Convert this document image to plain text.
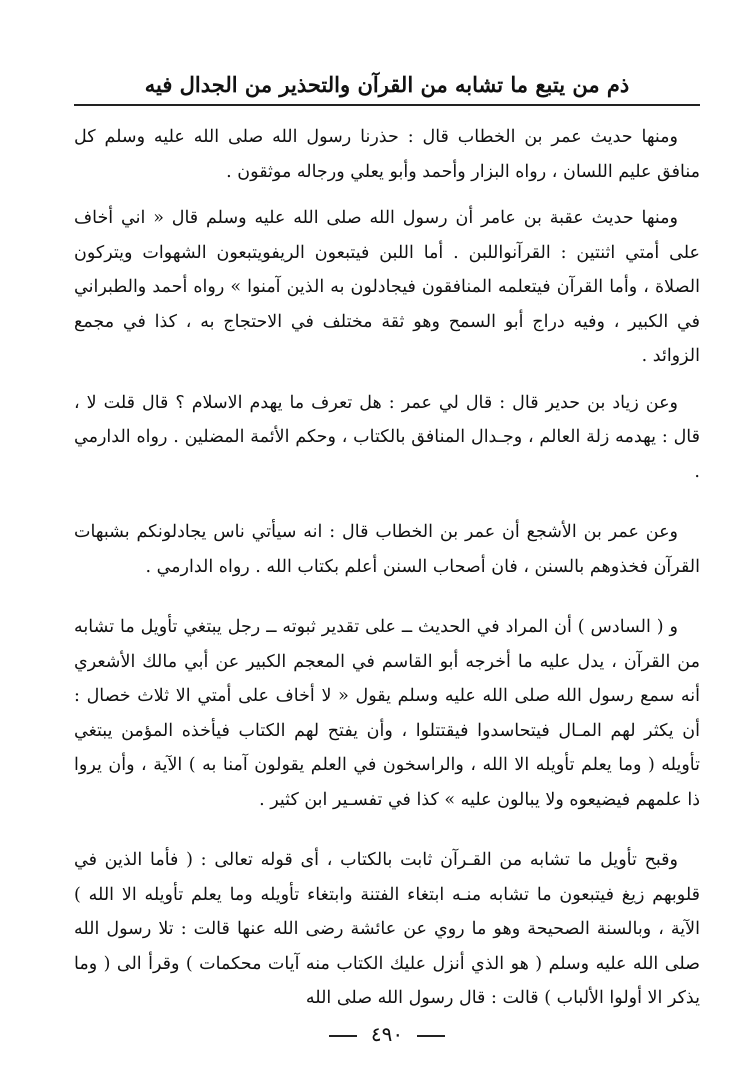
ذم من يتبع ما تشابه من القرآن والتحذير من الجدال فيه

ومنها حديث عمر بن الخطاب قال : حذرنا رسول الله صلى الله عليه وسلم كل منافق عليم اللسان ، رواه البزار وأحمد وأبو يعلي ورجاله موثقون .

ومنها حديث عقبة بن عامر أن رسول الله صلى الله عليه وسلم قال « اني أخاف على أمتي اثنتين : القرآنواللبن . أما اللبن فيتبعون الريفويتبعون الشهوات ويتركون الصلاة ، وأما القرآن فيتعلمه المنافقون فيجادلون به الذين آمنوا » رواه أحمد والطبراني في الكبير ، وفيه دراج أبو السمح وهو ثقة مختلف في الاحتجاج به ، كذا في مجمع الزوائد .

وعن زياد بن حدير قال : قال لي عمر : هل تعرف ما يهدم الاسلام ؟ قال قلت لا ، قال : يهدمه زلة العالم ، وجـدال المنافق بالكتاب ، وحكم الأئمة المضلين . رواه الدارمي .

وعن عمر بن الأشجع أن عمر بن الخطاب قال : انه سيأتي ناس يجادلونكم بشبهات القرآن فخذوهم بالسنن ، فان أصحاب السنن أعلم بكتاب الله . رواه الدارمي .

و ( السادس ) أن المراد في الحديث ــ على تقدير ثبوته ــ رجل يبتغي تأويل ما تشابه من القرآن ، يدل عليه ما أخرجه أبو القاسم في المعجم الكبير عن أبي مالك الأشعري أنه سمع رسول الله صلى الله عليه وسلم يقول « لا أخاف على أمتي الا ثلاث خصال : أن يكثر لهم المـال فيتحاسدوا فيقتتلوا ، وأن يفتح لهم الكتاب فيأخذه المؤمن يبتغي تأويله ( وما يعلم تأويله الا الله ، والراسخون في العلم يقولون آمنا به ) الآية ، وأن يروا ذا علمهم فيضيعوه ولا يبالون عليه » كذا في تفسـير ابن كثير .

وقبح تأويل ما تشابه من القـرآن ثابت بالكتاب ، أى قوله تعالى : ( فأما الذين في قلوبهم زيغ فيتبعون ما تشابه منـه ابتغاء الفتنة وابتغاء تأويله وما يعلم تأويله الا الله ) الآية ، وبالسنة الصحيحة وهو ما روي عن عائشة رضى الله عنها قالت : تلا رسول الله صلى الله عليه وسلم ( هو الذي أنزل عليك الكتاب منه آيات محكمات ) وقرأ الى ( وما يذكر الا أولوا الألباب ) قالت : قال رسول الله صلى الله

٤٩٠
